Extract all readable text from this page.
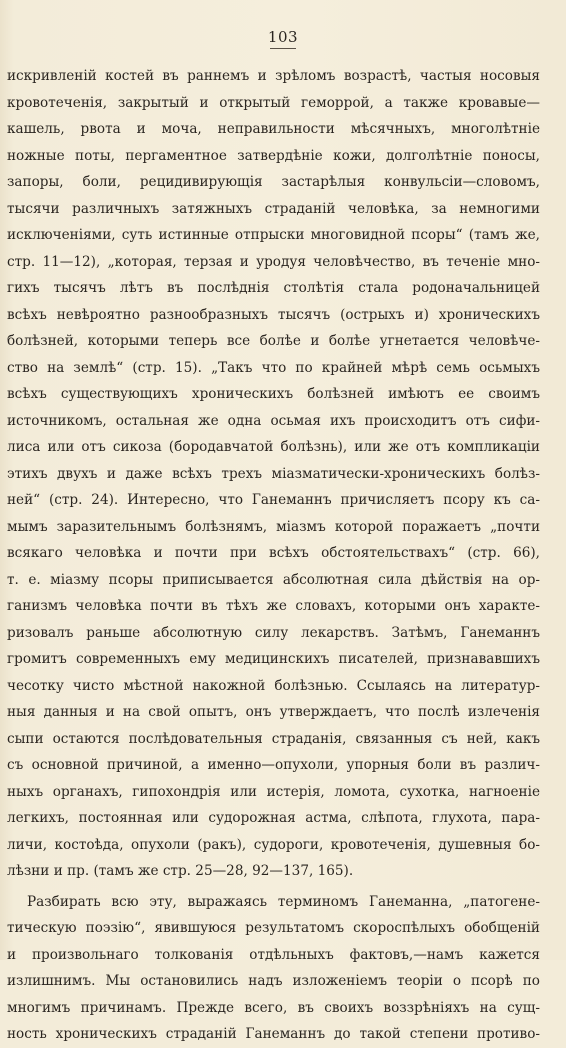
103
искривленій костей въ раннемъ и зрѣломъ возрастѣ, частыя носовыя
кровотеченія, закрытый и открытый геморрой, а также кровавые—
кашель, рвота и моча, неправильности мѣсячныхъ, многолѣтніе
ножные поты, пергаментное затвердѣніе кожи, долголѣтніе поносы,
запоры, боли, рецидивирующія застарѣлыя конвульсіи—словомъ,
тысячи различныхъ затяжныхъ страданій человѣка, за немногими
исключеніями, суть истинные отпрыски многовидной псоры“ (тамъ же,
стр. 11—12), „которая, терзая и уродуя человѣчество, въ теченіе мно-
гихъ тысячъ лѣтъ въ послѣднія столѣтія стала родоначальницей
всѣхъ невѣроятно разнообразныхъ тысячъ (острыхъ и) хроническихъ
болѣзней, которыми теперь все болѣе и болѣе угнетается человѣче-
ство на землѣ“ (стр. 15). „Такъ что по крайней мѣрѣ семь осьмыхъ
всѣхъ существующихъ хроническихъ болѣзней имѣютъ ее своимъ
источникомъ, остальная же одна осьмая ихъ происходитъ отъ сифи-
лиса или отъ сикоза (бородавчатой болѣзнь), или же отъ компликаціи
этихъ двухъ и даже всѣхъ трехъ міазматически-хроническихъ болѣз-
ней“ (стр. 24). Интересно, что Ганеманнъ причисляетъ псору къ са-
мымъ заразительнымъ болѣзнямъ, міазмъ которой поражаетъ „почти
всякаго человѣка и почти при всѣхъ обстоятельствахъ“ (стр. 66),
т. е. міазму псоры приписывается абсолютная сила дѣйствія на ор-
ганизмъ человѣка почти въ тѣхъ же словахъ, которыми онъ характе-
ризовалъ раньше абсолютную силу лекарствъ. Затѣмъ, Ганеманнъ
громитъ современныхъ ему медицинскихъ писателей, признававшихъ
чесотку чисто мѣстной накожной болѣзнью. Ссылаясь на литератур-
ныя данныя и на свой опытъ, онъ утверждаетъ, что послѣ излеченія
сыпи остаются послѣдовательныя страданія, связанныя съ ней, какъ
съ основной причиной, а именно—опухоли, упорныя боли въ различ-
ныхъ органахъ, гипохондрія или истерія, ломота, сухотка, нагноеніе
легкихъ, постоянная или судорожная астма, слѣпота, глухота, пара-
личи, костоѣда, опухоли (ракъ), судороги, кровотеченія, душевныя бо-
лѣзни и пр. (тамъ же стр. 25—28, 92—137, 165).
Разбирать всю эту, выражаясь терминомъ Ганеманна, „патогене-
тическую поэзію“, явившуюся результатомъ скороспѣлыхъ обобщеній
и произвольнаго толкованія отдѣльныхъ фактовъ,—намъ кажется
излишнимъ. Мы остановились надъ изложеніемъ теоріи о псорѣ по
многимъ причинамъ. Прежде всего, въ своихъ воззрѣніяхъ на сущ-
ность хроническихъ страданій Ганеманнъ до такой степени противо-
